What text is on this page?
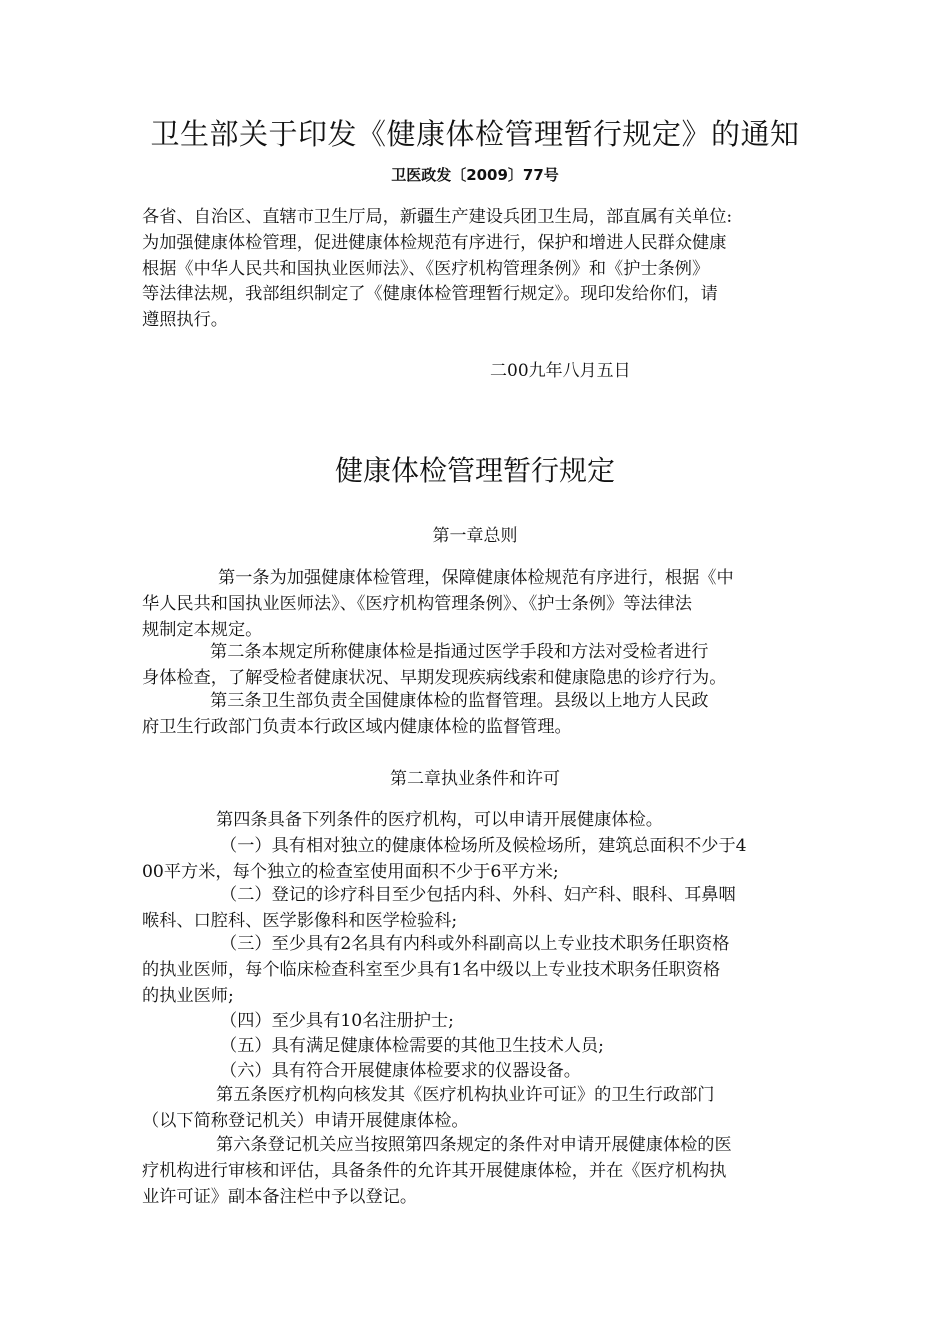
卫生部关于印发《健康体检管理暂行规定》的通知
卫医政发〔2009〕77号
各省、自治区、直辖市卫生厅局，新疆生产建设兵团卫生局，部直属有关单位:
为加强健康体检管理，促进健康体检规范有序进行，保护和增进人民群众健康
根据《中华人民共和国执业医师法》、《医疗机构管理条例》和《护士条例》
等法律法规，我部组织制定了《健康体检管理暂行规定》。现印发给你们，请
遵照执行。
二00九年八月五日
健康体检管理暂行规定
第一章总则
第一条为加强健康体检管理，保障健康体检规范有序进行，根据《中
华人民共和国执业医师法》、《医疗机构管理条例》、《护士条例》等法律法
规制定本规定。
第二条本规定所称健康体检是指通过医学手段和方法对受检者进行
身体检查，了解受检者健康状况、早期发现疾病线索和健康隐患的诊疗行为。
第三条卫生部负责全国健康体检的监督管理。县级以上地方人民政
府卫生行政部门负责本行政区域内健康体检的监督管理。
第二章执业条件和许可
第四条具备下列条件的医疗机构，可以申请开展健康体检。
（一）具有相对独立的健康体检场所及候检场所，建筑总面积不少于4
00平方米，每个独立的检查室使用面积不少于6平方米;
（二）登记的诊疗科目至少包括内科、外科、妇产科、眼科、耳鼻咽
喉科、口腔科、医学影像科和医学检验科;
（三）至少具有2名具有内科或外科副高以上专业技术职务任职资格
的执业医师，每个临床检查科室至少具有1名中级以上专业技术职务任职资格
的执业医师;
（四）至少具有10名注册护士;
（五）具有满足健康体检需要的其他卫生技术人员;
（六）具有符合开展健康体检要求的仪器设备。
第五条医疗机构向核发其《医疗机构执业许可证》的卫生行政部门
（以下简称登记机关）申请开展健康体检。
第六条登记机关应当按照第四条规定的条件对申请开展健康体检的医
疗机构进行审核和评估，具备条件的允许其开展健康体检，并在《医疗机构执
业许可证》副本备注栏中予以登记。
